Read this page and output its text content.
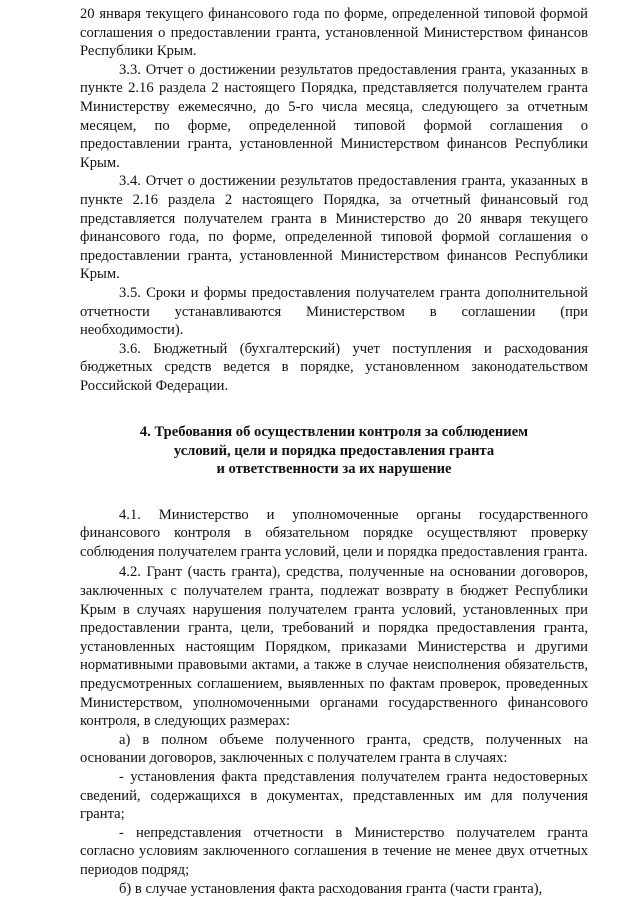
20 января текущего финансового года по форме, определенной типовой формой соглашения о предоставлении гранта, установленной Министерством финансов Республики Крым.

3.3. Отчет о достижении результатов предоставления гранта, указанных в пункте 2.16 раздела 2 настоящего Порядка, представляется получателем гранта Министерству ежемесячно, до 5-го числа месяца, следующего за отчетным месяцем, по форме, определенной типовой формой соглашения о предоставлении гранта, установленной Министерством финансов Республики Крым.

3.4. Отчет о достижении результатов предоставления гранта, указанных в пункте 2.16 раздела 2 настоящего Порядка, за отчетный финансовый год представляется получателем гранта в Министерство до 20 января текущего финансового года, по форме, определенной типовой формой соглашения о предоставлении гранта, установленной Министерством финансов Республики Крым.

3.5. Сроки и формы предоставления получателем гранта дополнительной отчетности устанавливаются Министерством в соглашении (при необходимости).

3.6. Бюджетный (бухгалтерский) учет поступления и расходования бюджетных средств ведется в порядке, установленном законодательством Российской Федерации.

4. Требования об осуществлении контроля за соблюдением
условий, цели и порядка предоставления гранта
и ответственности за их нарушение

4.1. Министерство и уполномоченные органы государственного финансового контроля в обязательном порядке осуществляют проверку соблюдения получателем гранта условий, цели и порядка предоставления гранта.

4.2. Грант (часть гранта), средства, полученные на основании договоров, заключенных с получателем гранта, подлежат возврату в бюджет Республики Крым в случаях нарушения получателем гранта условий, установленных при предоставлении гранта, цели, требований и порядка предоставления гранта, установленных настоящим Порядком, приказами Министерства и другими нормативными правовыми актами, а также в случае неисполнения обязательств, предусмотренных соглашением, выявленных по фактам проверок, проведенных Министерством, уполномоченными органами государственного финансового контроля, в следующих размерах:

а) в полном объеме полученного гранта, средств, полученных на основании договоров, заключенных с получателем гранта в случаях:

- установления факта представления получателем гранта недостоверных сведений, содержащихся в документах, представленных им для получения гранта;

- непредставления отчетности в Министерство получателем гранта согласно условиям заключенного соглашения в течение не менее двух отчетных периодов подряд;

б) в случае установления факта расходования гранта (части гранта),
